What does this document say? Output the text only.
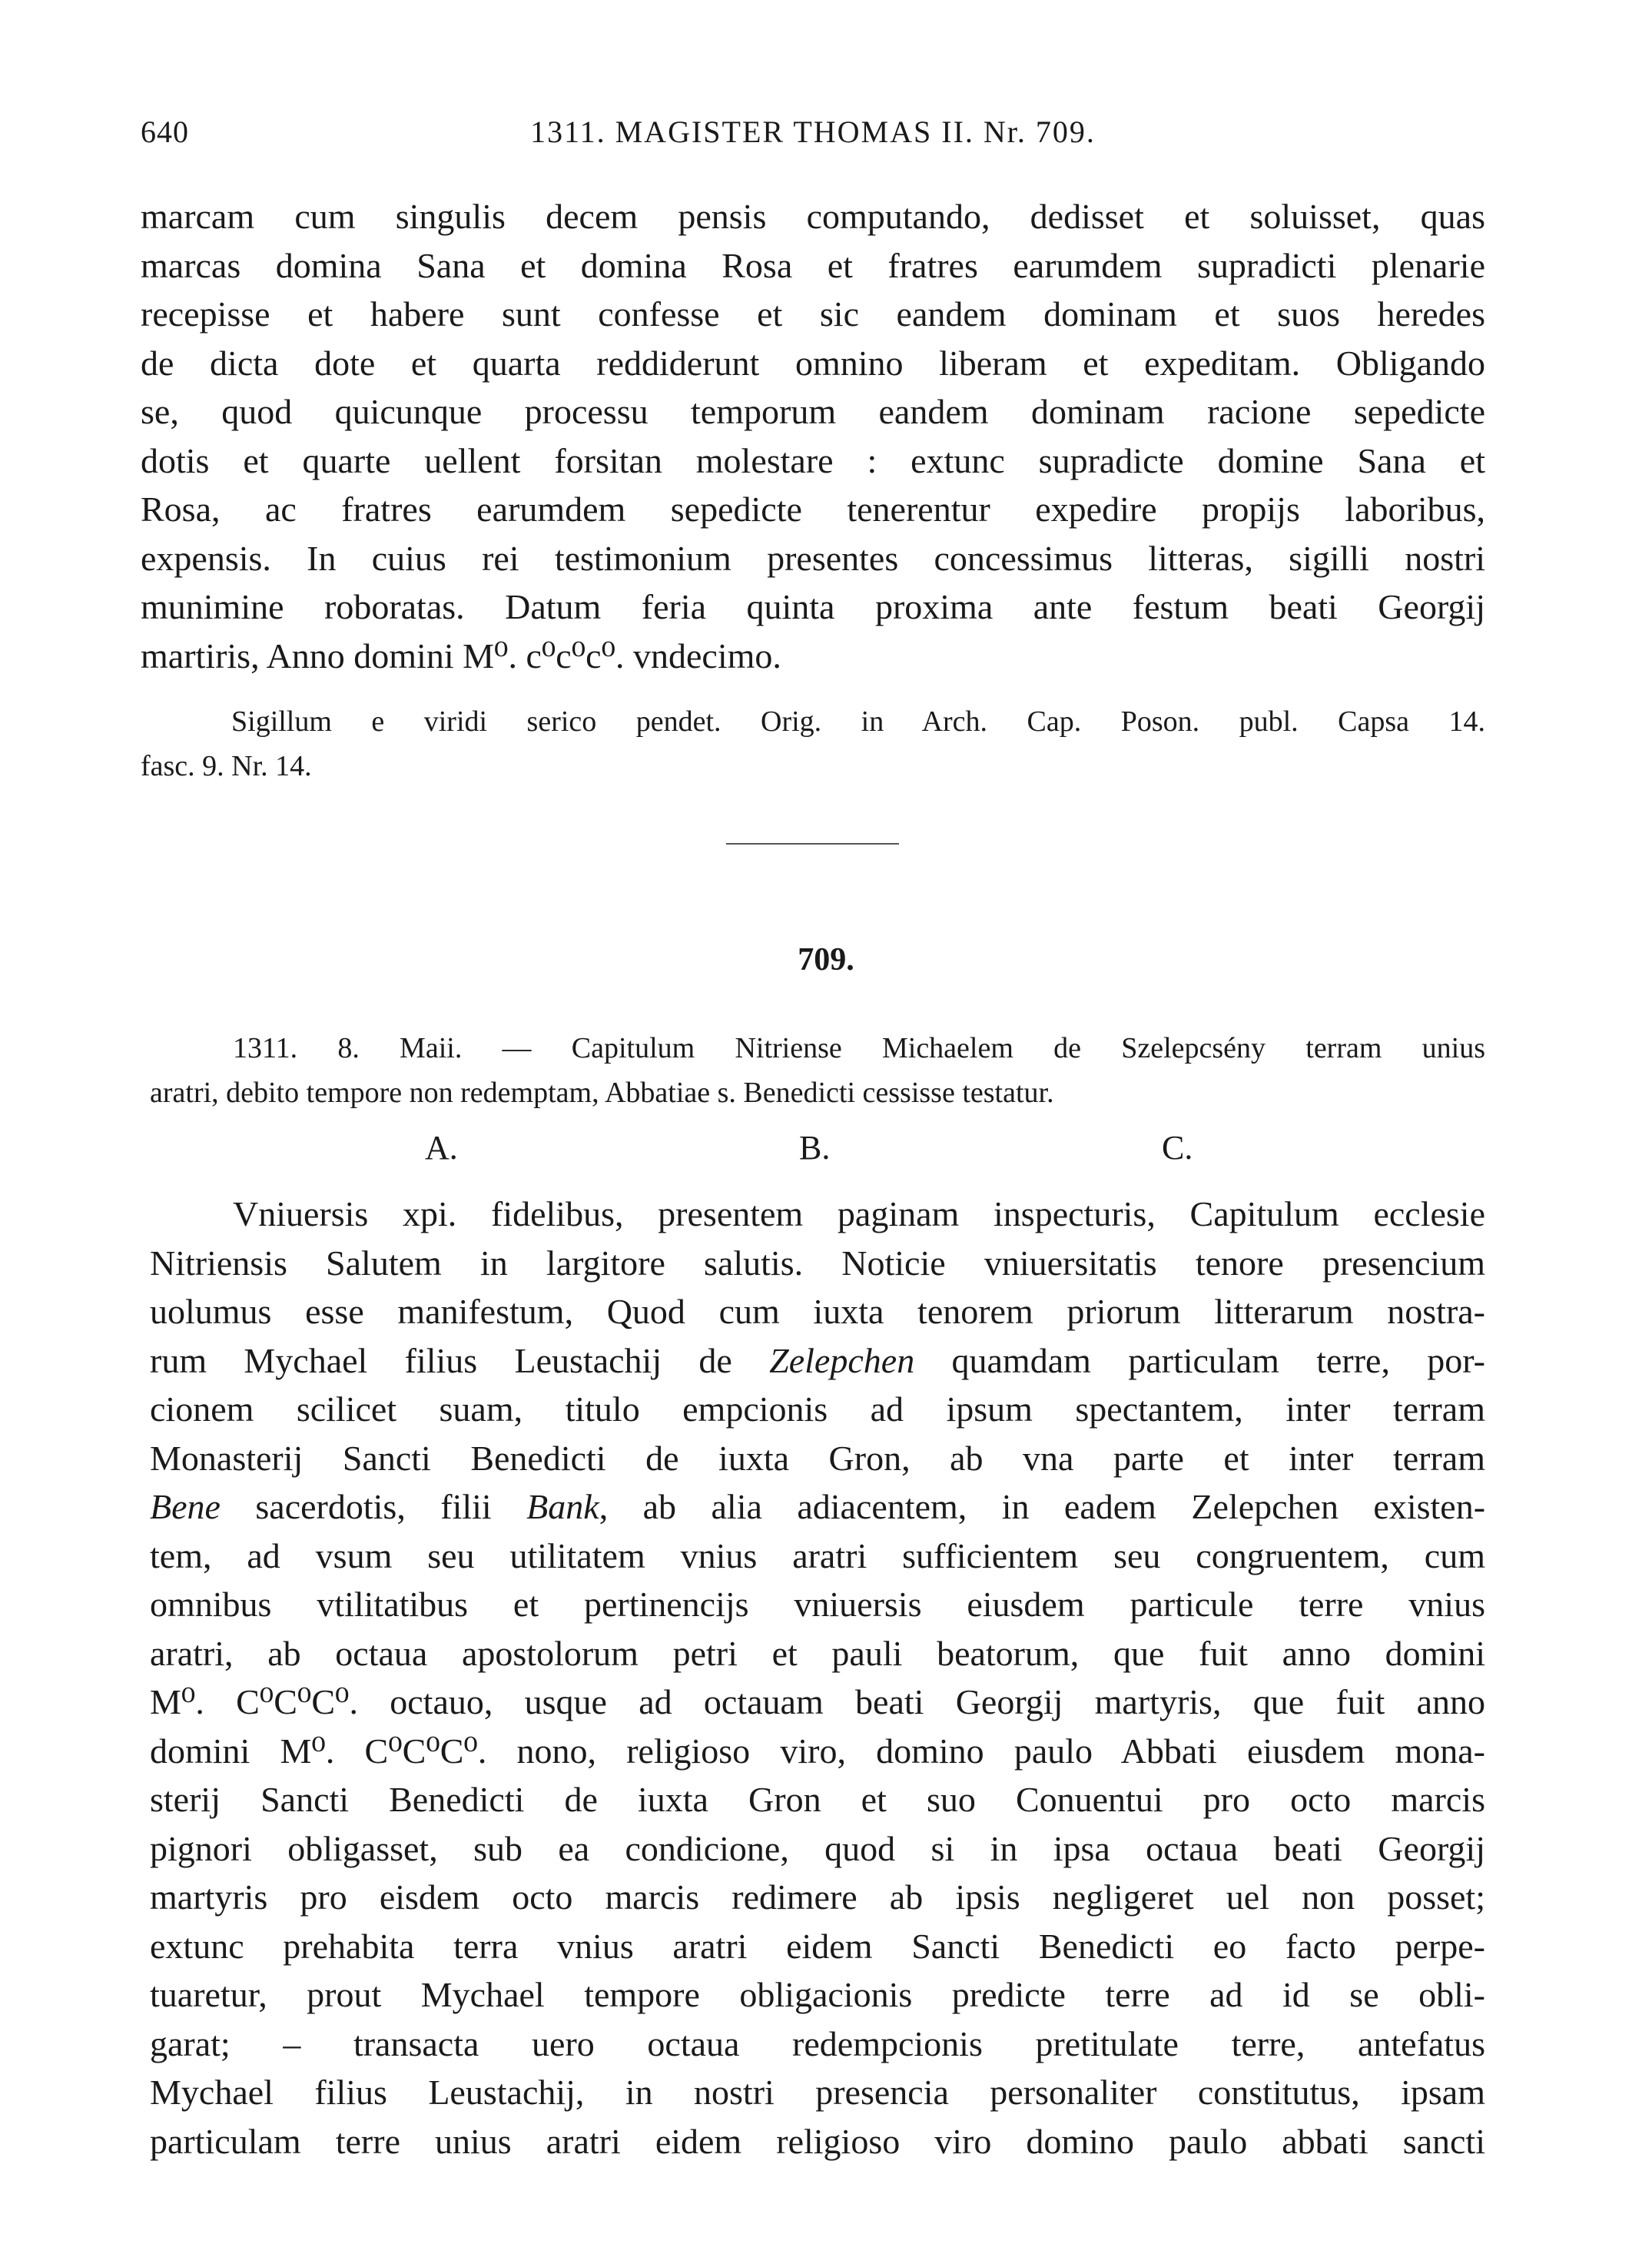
640	1311. MAGISTER THOMAS II. Nr. 709.
marcam cum singulis decem pensis computando, dedisset et soluisset, quas
marcas domina Sana et domina Rosa et fratres earumdem supradicti plenarie
recepisse et habere sunt confesse et sic eandem dominam et suos heredes
de dicta dote et quarta reddiderunt omnino liberam et expeditam. Obligando
se, quod quicunque processu temporum eandem dominam racione sepedicte
dotis et quarte uellent forsitan molestare : extunc supradicte domine Sana et
Rosa, ac fratres earumdem sepedicte tenerentur expedire propijs laboribus,
expensis. In cuius rei testimonium presentes concessimus litteras, sigilli nostri
munimine roboratas. Datum feria quinta proxima ante festum beati Georgij
martiris, Anno domini M⁰. c⁰c⁰c⁰. vndecimo.
Sigillum e viridi serico pendet. Orig. in Arch. Cap. Poson. publ. Capsa 14.
fasc. 9. Nr. 14.
709.
1311. 8. Maii. — Capitulum Nitriense Michaelem de Szelepcsény terram unius
aratri, debito tempore non redemptam, Abbatiae s. Benedicti cessisse testatur.
A.	B.	C.
Vniuersis xpi. fidelibus, presentem paginam inspecturis, Capitulum ecclesie
Nitriensis Salutem in largitore salutis. Noticie vniuersitatis tenore presencium
uolumus esse manifestum, Quod cum iuxta tenorem priorum litterarum nostra-
rum Mychael filius Leustachij de Zelepchen quamdam particulam terre, por-
cionem scilicet suam, titulo empcionis ad ipsum spectantem, inter terram
Monasterij Sancti Benedicti de iuxta Gron, ab vna parte et inter terram
Bene sacerdotis, filii Bank, ab alia adiacentem, in eadem Zelepchen existen-
tem, ad vsum seu utilitatem vnius aratri sufficientem seu congruentem, cum
omnibus vtilitatibus et pertinencijs vniuersis eiusdem particule terre vnius
aratri, ab octaua apostolorum petri et pauli beatorum, que fuit anno domini
M⁰. C⁰C⁰C⁰. octauo, usque ad octauam beati Georgij martyris, que fuit anno
domini M⁰. C⁰C⁰C⁰. nono, religioso viro, domino paulo Abbati eiusdem mona-
sterij Sancti Benedicti de iuxta Gron et suo Conuentui pro octo marcis
pignori obligasset, sub ea condicione, quod si in ipsa octaua beati Georgij
martyris pro eisdem octo marcis redimere ab ipsis negligeret uel non posset;
extunc prehabita terra vnius aratri eidem Sancti Benedicti eo facto perpe-
tuaretur, prout Mychael tempore obligacionis predicte terre ad id se obli-
garat; – transacta uero octaua redempcionis pretitulate terre, antefatus
Mychael filius Leustachij, in nostri presencia personaliter constitutus, ipsam
particulam terre unius aratri eidem religioso viro domino paulo abbati sancti
